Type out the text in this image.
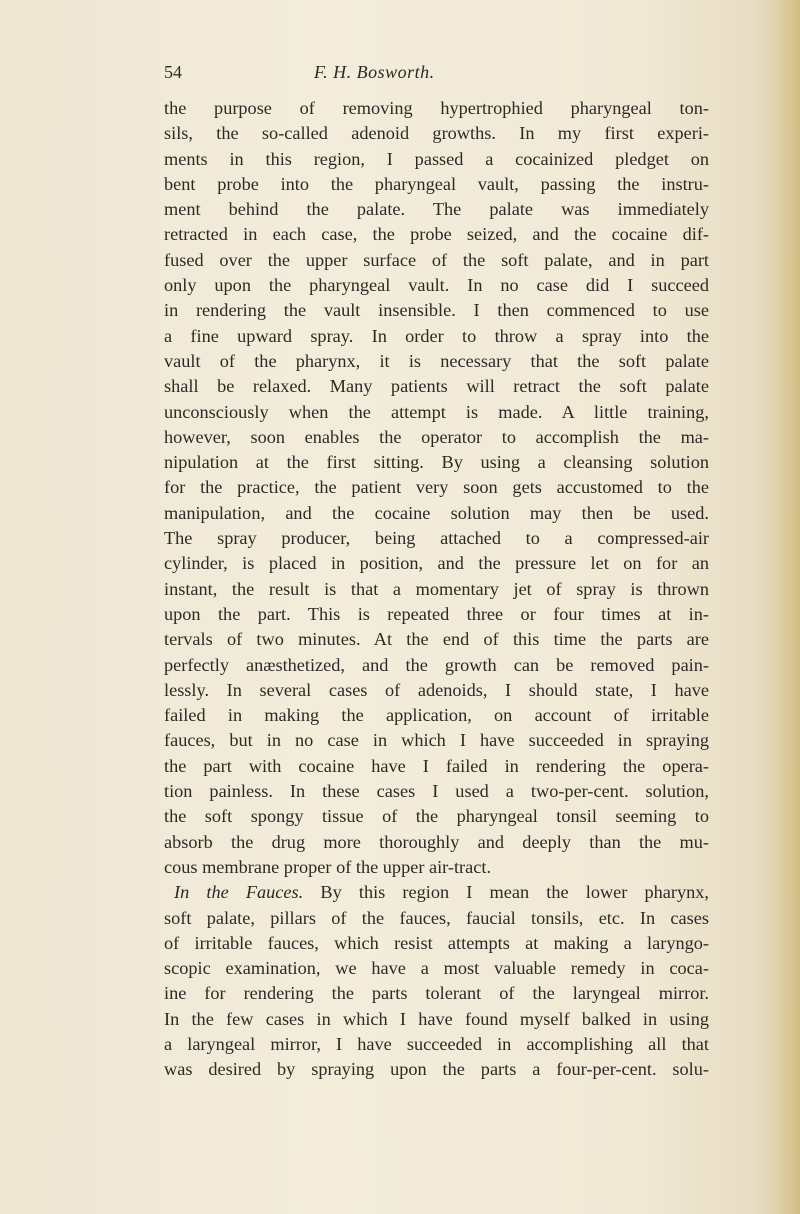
54	F. H. Bosworth.
the purpose of removing hypertrophied pharyngeal ton-
sils, the so-called adenoid growths. In my first experi-
ments in this region, I passed a cocainized pledget on
bent probe into the pharyngeal vault, passing the instru-
ment behind the palate. The palate was immediately
retracted in each case, the probe seized, and the cocaine dif-
fused over the upper surface of the soft palate, and in part
only upon the pharyngeal vault. In no case did I succeed
in rendering the vault insensible. I then commenced to use
a fine upward spray. In order to throw a spray into the
vault of the pharynx, it is necessary that the soft palate
shall be relaxed. Many patients will retract the soft palate
unconsciously when the attempt is made. A little training,
however, soon enables the operator to accomplish the ma-
nipulation at the first sitting. By using a cleansing solution
for the practice, the patient very soon gets accustomed to the
manipulation, and the cocaine solution may then be used.
The spray producer, being attached to a compressed-air
cylinder, is placed in position, and the pressure let on for an
instant, the result is that a momentary jet of spray is thrown
upon the part. This is repeated three or four times at in-
tervals of two minutes. At the end of this time the parts are
perfectly anæsthetized, and the growth can be removed pain-
lessly. In several cases of adenoids, I should state, I have
failed in making the application, on account of irritable
fauces, but in no case in which I have succeeded in spraying
the part with cocaine have I failed in rendering the opera-
tion painless. In these cases I used a two-per-cent. solution,
the soft spongy tissue of the pharyngeal tonsil seeming to
absorb the drug more thoroughly and deeply than the mu-
cous membrane proper of the upper air-tract.
In the Fauces. By this region I mean the lower pharynx,
soft palate, pillars of the fauces, faucial tonsils, etc. In cases
of irritable fauces, which resist attempts at making a laryngo-
scopic examination, we have a most valuable remedy in coca-
ine for rendering the parts tolerant of the laryngeal mirror.
In the few cases in which I have found myself balked in using
a laryngeal mirror, I have succeeded in accomplishing all that
was desired by spraying upon the parts a four-per-cent. solu-
